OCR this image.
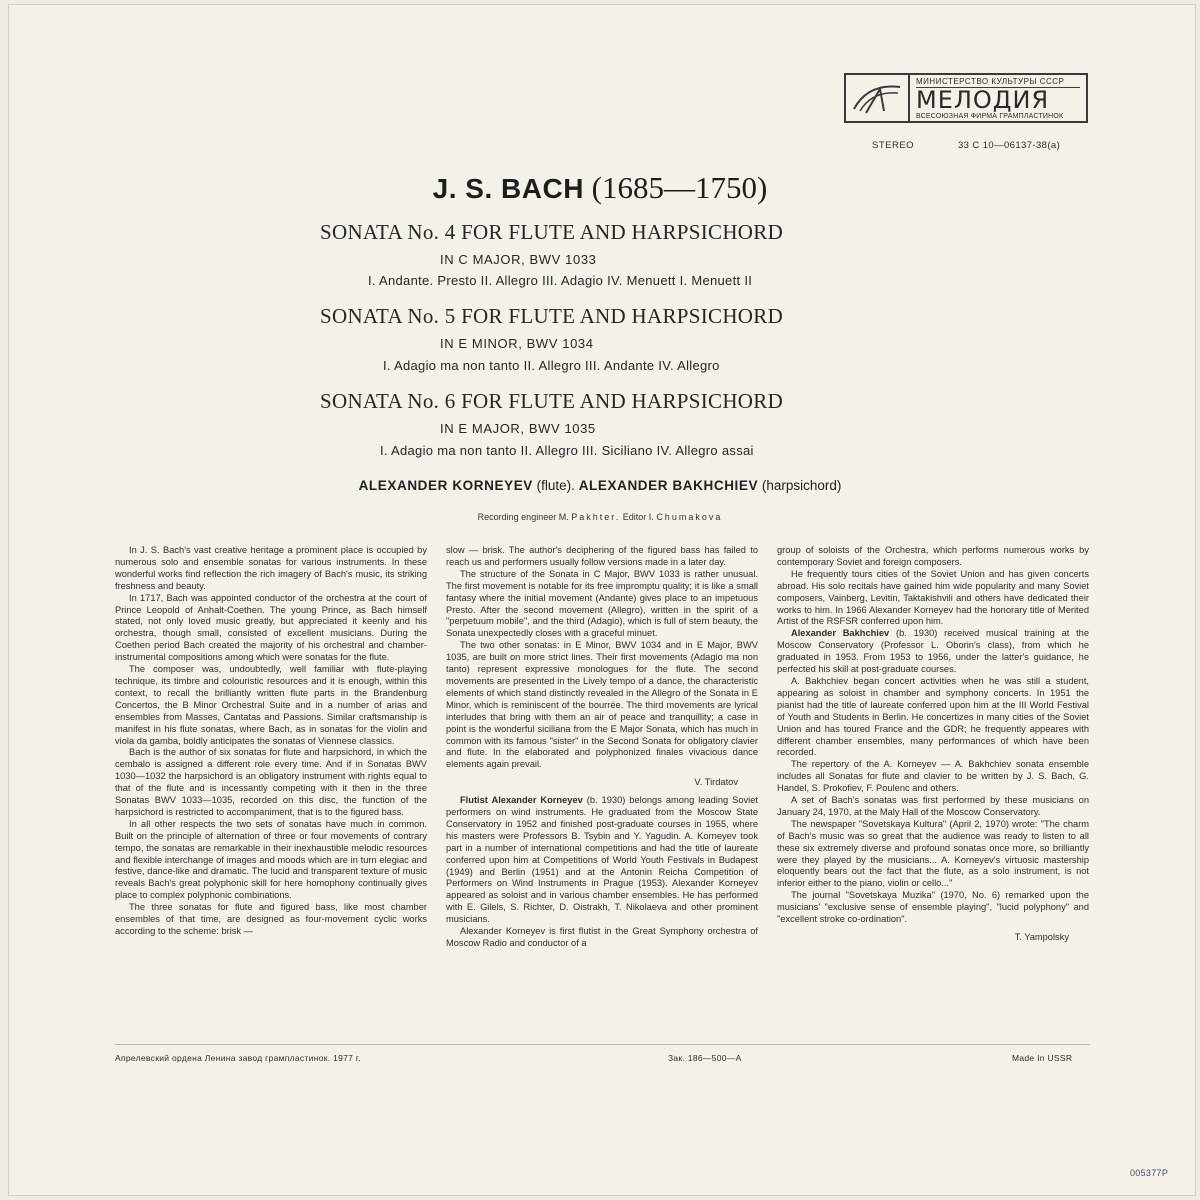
МИНИСТЕРСТВО КУЛЬТУРЫ СССР
МЕЛОДИЯ
ВСЕСОЮЗНАЯ ФИРМА ГРАМПЛАСТИНОК
STEREO	33 С 10—06137-38(а)
J. S. BACH (1685—1750)
SONATA No. 4 FOR FLUTE AND HARPSICHORD
IN C MAJOR, BWV 1033
I. Andante. Presto II. Allegro III. Adagio IV. Menuett I. Menuett II
SONATA No. 5 FOR FLUTE AND HARPSICHORD
IN E MINOR, BWV 1034
I. Adagio ma non tanto II. Allegro III. Andante IV. Allegro
SONATA No. 6 FOR FLUTE AND HARPSICHORD
IN E MAJOR, BWV 1035
I. Adagio ma non tanto II. Allegro III. Siciliano IV. Allegro assai
ALEXANDER KORNEYEV (flute). ALEXANDER BAKHCHIEV (harpsichord)
Recording engineer M. Pakhter. Editor I. Chumakova

In J. S. Bach's vast creative heritage a prominent place is occupied by numerous solo and ensemble sonatas for various instruments. In these wonderful works find reflection the rich imagery of Bach's music, its striking freshness and beauty.

In 1717, Bach was appointed conductor of the orchestra at the court of Prince Leopold of Anhalt-Coethen. The young Prince, as Bach himself stated, not only loved music greatly, but appreciated it keenly and his orchestra, though small, consisted of excellent musicians. During the Coethen period Bach created the majority of his orchestral and chamber-instrumental compositions among which were sonatas for the flute.

The composer was, undoubtedly, well familiar with flute-playing technique, its timbre and colouristic resources and it is enough, within this context, to recall the brilliantly written flute parts in the Brandenburg Concertos, the B Minor Orchestral Suite and in a number of arias and ensembles from Masses, Cantatas and Passions. Similar craftsmanship is manifest in his flute sonatas, where Bach, as in sonatas for the violin and viola da gamba, boldly anticipates the sonatas of Viennese classics.

Bach is the author of six sonatas for flute and harpsichord, in which the cembalo is assigned a different role every time. And if in Sonatas BWV 1030—1032 the harpsichord is an obligatory instrument with rights equal to that of the flute and is incessantly competing with it then in the three Sonatas BWV 1033—1035, recorded on this disc, the function of the harpsichord is restricted to accompaniment, that is to the figured bass.

In all other respects the two sets of sonatas have much in common. Built on the principle of alternation of three or four movements of contrary tempo, the sonatas are remarkable in their inexhaustible melodic resources and flexible interchange of images and moods which are in turn elegiac and festive, dance-like and dramatic. The lucid and transparent texture of music reveals Bach's great polyphonic skill for here homophony continually gives place to complex polyphonic combinations.

The three sonatas for flute and figured bass, like most chamber ensembles of that time, are designed as four-movement cyclic works according to the scheme: brisk —

slow — brisk. The author's deciphering of the figured bass has failed to reach us and performers usually follow versions made in a later day.

The structure of the Sonata in C Major, BWV 1033 is rather unusual. The first movement is notable for its free impromptu quality; it is like a small fantasy where the initial movement (Andante) gives place to an impetuous Presto. After the second movement (Allegro), written in the spirit of a "perpetuum mobile", and the third (Adagio), which is full of stern beauty, the Sonata unexpectedly closes with a graceful minuet.

The two other sonatas: in E Minor, BWV 1034 and in E Major, BWV 1035, are built on more strict lines. Their first movements (Adagio ma non tanto) represent expressive monologues for the flute. The second movements are presented in the Lively tempo of a dance, the characteristic elements of which stand distinctly revealed in the Allegro of the Sonata in E Minor, which is reminiscent of the bourrée. The third movements are lyrical interludes that bring with them an air of peace and tranquillity; a case in point is the wonderful siciliana from the E Major Sonata, which has much in common with its famous "sister" in the Second Sonata for obligatory clavier and flute. In the elaborated and polyphonized finales vivacious dance elements again prevail.

V. Tirdatov

Flutist Alexander Korneyev (b. 1930) belongs among leading Soviet performers on wind instruments. He graduated from the Moscow State Conservatory in 1952 and finished post-graduate courses in 1955, where his masters were Professors B. Tsybin and Y. Yagudin. A. Korneyev took part in a number of international competitions and had the title of laureate conferred upon him at Competitions of World Youth Festivals in Budapest (1949) and Berlin (1951) and at the Antonin Reicha Competition of Performers on Wind Instruments in Prague (1953). Alexander Korneyev appeared as soloist and in various chamber ensembles. He has performed with E. Gilels, S. Richter, D. Oistrakh, T. Nikolaeva and other prominent musicians.

Alexander Korneyev is first flutist in the Great Symphony orchestra of Moscow Radio and conductor of a

group of soloists of the Orchestra, which performs numerous works by contemporary Soviet and foreign composers.

He frequently tours cities of the Soviet Union and has given concerts abroad. His solo recitals have gained him wide popularity and many Soviet composers, Vainberg, Levitin, Taktakishvili and others have dedicated their works to him. In 1966 Alexander Korneyev had the honorary title of Merited Artist of the RSFSR conferred upon him.

Alexander Bakhchiev (b. 1930) received musical training at the Moscow Conservatory (Professor L. Oborin's class), from which he graduated in 1953. From 1953 to 1956, under the latter's guidance, he perfected his skill at post-graduate courses.

A. Bakhchiev began concert activities when he was still a student, appearing as soloist in chamber and symphony concerts. In 1951 the pianist had the title of laureate conferred upon him at the III World Festival of Youth and Students in Berlin. He concertizes in many cities of the Soviet Union and has toured France and the GDR; he frequently appeares with different chamber ensembles, many performances of which have been recorded.

The repertory of the A. Korneyev — A. Bakhchiev sonata ensemble includes all Sonatas for flute and clavier to be written by J. S. Bach, G. Handel, S. Prokofiev, F. Poulenc and others.

A set of Bach's sonatas was first performed by these musicians on January 24, 1970, at the Maly Hall of the Moscow Conservatory.

The newspaper "Sovetskaya Kultura" (April 2, 1970) wrote: "The charm of Bach's music was so great that the audience was ready to listen to all these six extremely diverse and profound sonatas once more, so brilliantly were they played by the musicians... A. Korneyev's virtuosic mastership eloquently bears out the fact that the flute, as a solo instrument, is not inferior either to the piano, violin or cello..."

The journal "Sovetskaya Muzika" (1970, No. 6) remarked upon the musicians' "exclusive sense of ensemble playing", "lucid polyphony" and "excellent stroke co-ordination".

T. Yampolsky

Апрелевский ордена Ленина завод грампластинок. 1977 г.	Зак. 186—500—А	Made In USSR
005377P
